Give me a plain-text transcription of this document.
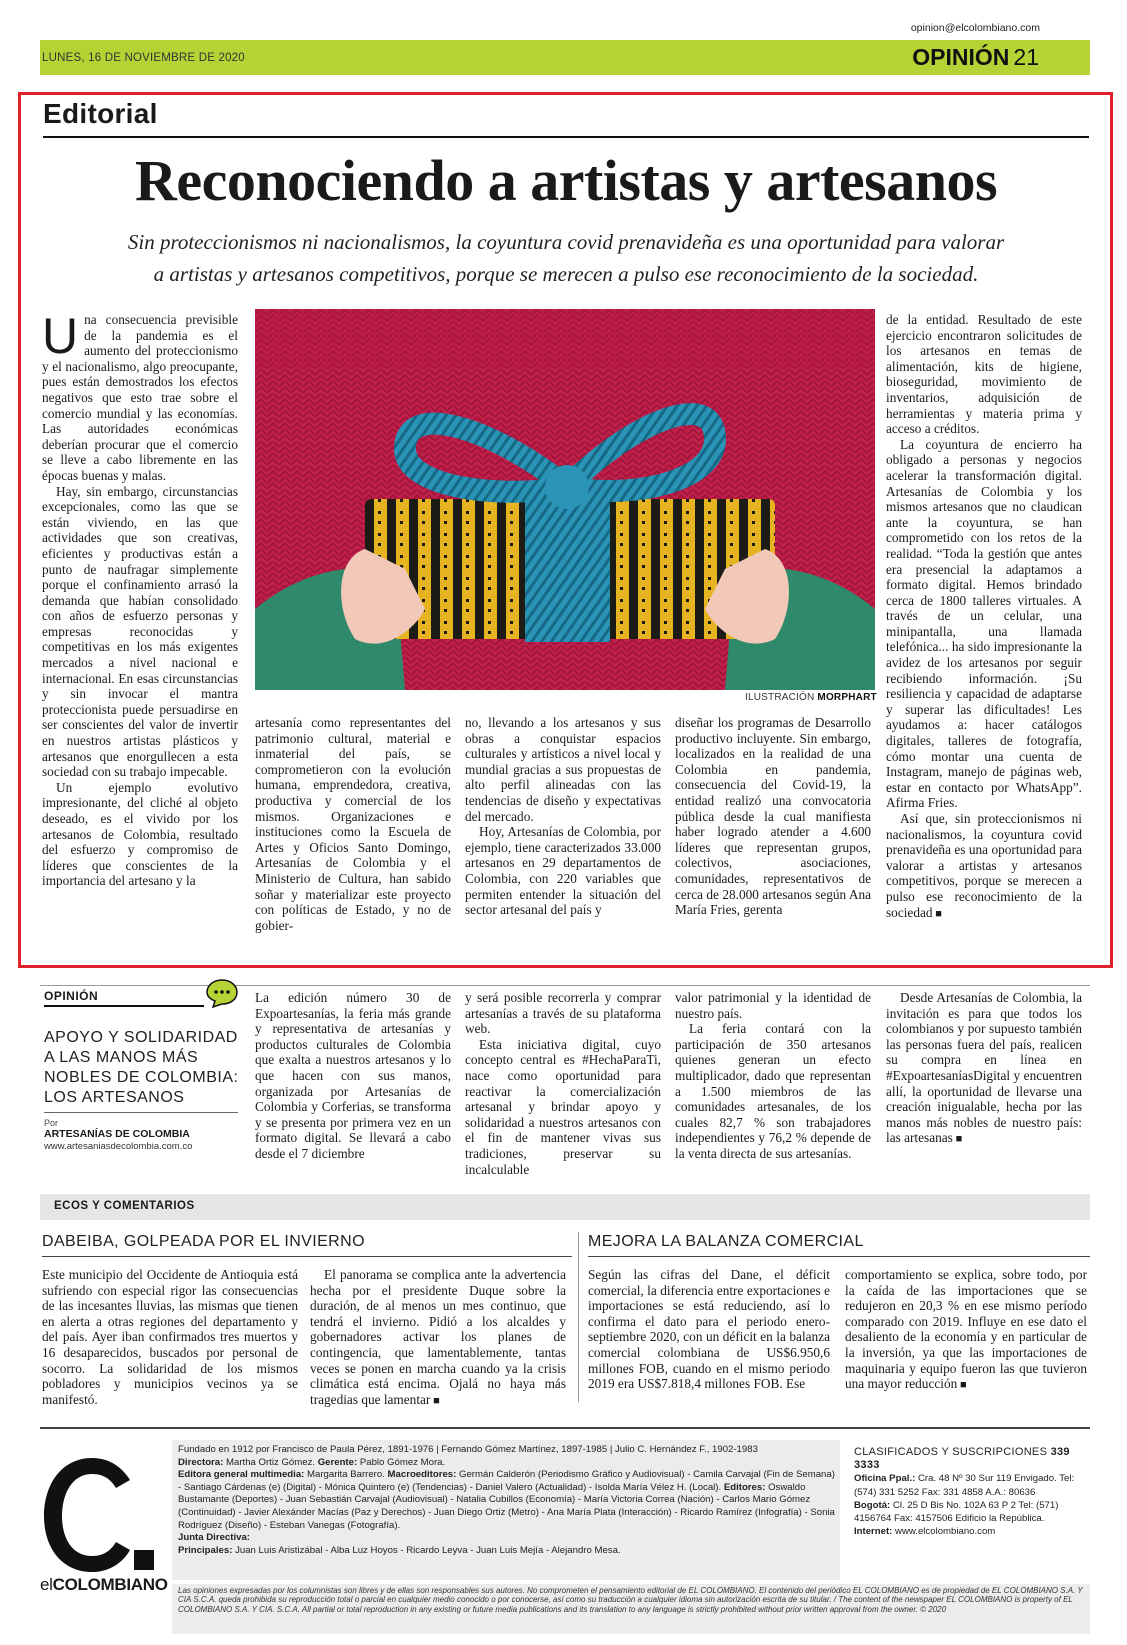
opinion@elcolombiano.com
LUNES, 16 DE NOVIEMBRE DE 2020	OPINIÓN 21
Editorial
Reconociendo a artistas y artesanos
Sin proteccionismos ni nacionalismos, la coyuntura covid prenavideña es una oportunidad para valorar
a artistas y artesanos competitivos, porque se merecen a pulso ese reconocimiento de la sociedad.

Una consecuencia previsible de la pandemia es el aumento del proteccionismo y el nacionalismo, algo preocupante, pues están demostrados los efectos negativos que esto trae sobre el comercio mundial y las economías. Las autoridades económicas deberían procurar que el comercio se lleve a cabo libremente en las épocas buenas y malas.

Hay, sin embargo, circunstancias excepcionales, como las que se están viviendo, en las que actividades que son creativas, eficientes y productivas están a punto de naufragar simplemente porque el confinamiento arrasó la demanda que habían consolidado con años de esfuerzo personas y empresas reconocidas y competitivas en los más exigentes mercados a nivel nacional e internacional. En esas circunstancias y sin invocar el mantra proteccionista puede persuadirse en ser conscientes del valor de invertir en nuestros artistas plásticos y artesanos que enorgullecen a esta sociedad con su trabajo impecable.

Un ejemplo evolutivo impresionante, del cliché al objeto deseado, es el vivido por los artesanos de Colombia, resultado del esfuerzo y compromiso de líderes que conscientes de la importancia del artesano y la

ILUSTRACIÓN MORPHART

artesanía como representantes del patrimonio cultural, material e inmaterial del país, se comprometieron con la evolución humana, emprendedora, creativa, productiva y comercial de los mismos. Organizaciones e instituciones como la Escuela de Artes y Oficios Santo Domingo, Artesanías de Colombia y el Ministerio de Cultura, han sabido soñar y materializar este proyecto con políticas de Estado, y no de gobier-

no, llevando a los artesanos y sus obras a conquistar espacios culturales y artísticos a nivel local y mundial gracias a sus propuestas de alto perfil alineadas con las tendencias de diseño y expectativas del mercado.

Hoy, Artesanías de Colombia, por ejemplo, tiene caracterizados 33.000 artesanos en 29 departamentos de Colombia, con 220 variables que permiten entender la situación del sector artesanal del país y

diseñar los programas de Desarrollo productivo incluyente. Sin embargo, localizados en la realidad de una Colombia en pandemia, consecuencia del Covid-19, la entidad realizó una convocatoria pública desde la cual manifiesta haber logrado atender a 4.600 líderes que representan grupos, colectivos, asociaciones, comunidades, representativos de cerca de 28.000 artesanos según Ana María Fries, gerenta

de la entidad. Resultado de este ejercicio encontraron solicitudes de los artesanos en temas de alimentación, kits de higiene, bioseguridad, movimiento de inventarios, adquisición de herramientas y materia prima y acceso a créditos.

La coyuntura de encierro ha obligado a personas y negocios acelerar la transformación digital. Artesanías de Colombia y los mismos artesanos que no claudican ante la coyuntura, se han comprometido con los retos de la realidad. “Toda la gestión que antes era presencial la adaptamos a formato digital. Hemos brindado cerca de 1800 talleres virtuales. A través de un celular, una minipantalla, una llamada telefónica... ha sido impresionante la avidez de los artesanos por seguir recibiendo información. ¡Su resiliencia y capacidad de adaptarse y superar las dificultades! Les ayudamos a: hacer catálogos digitales, talleres de fotografía, cómo montar una cuenta de Instagram, manejo de páginas web, estar en contacto por WhatsApp”. Afirma Fries.

Así que, sin proteccionismos ni nacionalismos, la coyuntura covid prenavideña es una oportunidad para valorar a artistas y artesanos competitivos, porque se merecen a pulso ese reconocimiento de la sociedad ■

OPINIÓN
APOYO Y SOLIDARIDAD A LAS MANOS MÁS NOBLES DE COLOMBIA: LOS ARTESANOS
Por
ARTESANÍAS DE COLOMBIA
www.artesaniasdecolombia.com.co

La edición número 30 de Expoartesanías, la feria más grande y representativa de artesanías y productos culturales de Colombia que exalta a nuestros artesanos y lo que hacen con sus manos, organizada por Artesanías de Colombia y Corferias, se transforma y se presenta por primera vez en un formato digital. Se llevará a cabo desde el 7 diciembre

y será posible recorrerla y comprar artesanías a través de su plataforma web.

Esta iniciativa digital, cuyo concepto central es #HechaParaTi, nace como oportunidad para reactivar la comercialización artesanal y brindar apoyo y solidaridad a nuestros artesanos con el fin de mantener vivas sus tradiciones, preservar su incalculable

valor patrimonial y la identidad de nuestro país.

La feria contará con la participación de 350 artesanos quienes generan un efecto multiplicador, dado que representan a 1.500 miembros de las comunidades artesanales, de los cuales 82,7 % son trabajadores independientes y 76,2 % depende de la venta directa de sus artesanías.

Desde Artesanías de Colombia, la invitación es para que todos los colombianos y por supuesto también las personas fuera del país, realicen su compra en línea en #ExpoartesaníasDigital y encuentren allí, la oportunidad de llevarse una creación inigualable, hecha por las manos más nobles de nuestro país: las artesanas ■

ECOS Y COMENTARIOS
DABEIBA, GOLPEADA POR EL INVIERNO	MEJORA LA BALANZA COMERCIAL

Este municipio del Occidente de Antioquia está sufriendo con especial rigor las consecuencias de las incesantes lluvias, las mismas que tienen en alerta a otras regiones del departamento y del país. Ayer iban confirmados tres muertos y 16 desaparecidos, buscados por personal de socorro. La solidaridad de los mismos pobladores y municipios vecinos ya se manifestó.

El panorama se complica ante la advertencia hecha por el presidente Duque sobre la duración, de al menos un mes continuo, que tendrá el invierno. Pidió a los alcaldes y gobernadores activar los planes de contingencia, que lamentablemente, tantas veces se ponen en marcha cuando ya la crisis climática está encima. Ojalá no haya más tragedias que lamentar ■

Según las cifras del Dane, el déficit comercial, la diferencia entre exportaciones e importaciones se está reduciendo, así lo confirma el dato para el periodo enero-septiembre 2020, con un déficit en la balanza comercial colombiana de US$6.950,6 millones FOB, cuando en el mismo periodo 2019 era US$7.818,4 millones FOB. Ese

comportamiento se explica, sobre todo, por la caída de las importaciones que se redujeron en 20,3 % en ese mismo período comparado con 2019. Influye en ese dato el desaliento de la economía y en particular de la inversión, ya que las importaciones de maquinaria y equipo fueron las que tuvieron una mayor reducción ■

C.
elCOLOMBIANO
Fundado en 1912 por Francisco de Paula Pérez, 1891-1976 | Fernando Gómez Martínez, 1897-1985 | Julio C. Hernández F., 1902-1983
Directora: Martha Ortiz Gómez. Gerente: Pablo Gómez Mora.
Editora general multimedia: Margarita Barrero. Macroeditores: Germán Calderón (Periodismo Gráfico y Audiovisual) - Camila Carvajal (Fin de Semana) - Santiago Cárdenas (e) (Digital) - Mónica Quintero (e) (Tendencias) - Daniel Valero (Actualidad) - Isolda María Vélez H. (Local). Editores: Oswaldo Bustamante (Deportes) - Juan Sebastián Carvajal (Audiovisual) - Natalia Cubillos (Economía) - María Victoria Correa (Nación) - Carlos Mario Gómez (Continuidad) - Javier Alexánder Macías (Paz y Derechos) - Juan Diego Ortiz (Metro) - Ana María Plata (Interacción) - Ricardo Ramírez (Infografía) - Sonia Rodríguez (Diseño) - Esteban Vanegas (Fotografía).
Junta Directiva:
Principales: Juan Luis Aristizábal - Alba Luz Hoyos - Ricardo Leyva - Juan Luis Mejía - Alejandro Mesa.
CLASIFICADOS Y SUSCRIPCIONES 339 3333
Oficina Ppal.: Cra. 48 Nº 30 Sur 119 Envigado. Tel: (574) 331 5252 Fax: 331 4858 A.A.: 80636
Bogotá: Cl. 25 D Bis No. 102A 63 P 2 Tel: (571) 4156764 Fax: 4157506 Edificio la República.
Internet: www.elcolombiano.com
Las opiniones expresadas por los columnistas son libres y de ellas son responsables sus autores. No comprometen el pensamiento editorial de EL COLOMBIANO. El contenido del periódico EL COLOMBIANO es de propiedad de EL COLOMBIANO S.A. Y CIA S.C.A. queda prohibida su reproducción total o parcial en cualquier medio conocido o por conocerse, así como su traducción a cualquier idioma sin autorización escrita de su titular. / The content of the newspaper EL COLOMBIANO is property of EL COLOMBIANO S.A. Y CIA. S.C.A. All partial or total reproduction in any existing or future media publications and its translation to any language is strictly prohibited without prior written approval from the owner. © 2020
